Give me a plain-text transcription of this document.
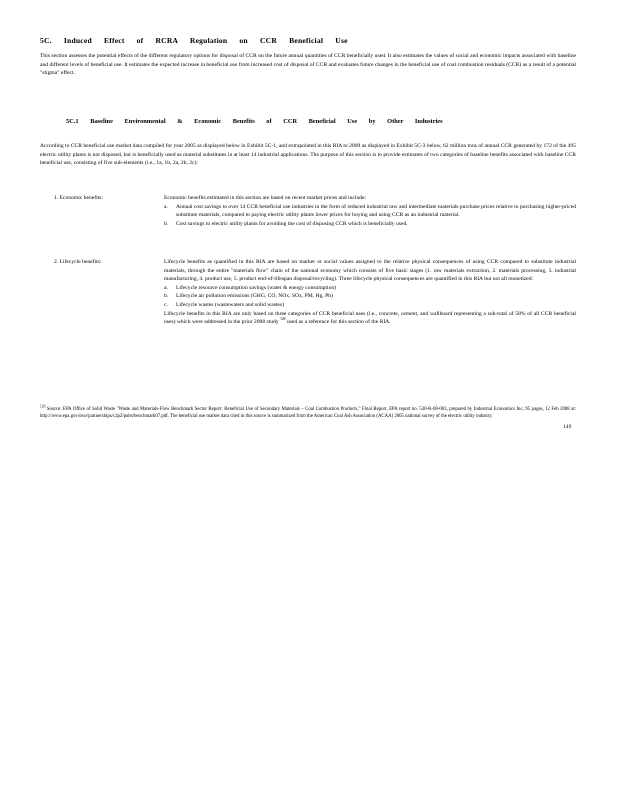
5C. Induced Effect of RCRA Regulation on CCR Beneficial Use

This section assesses the potential effects of the different regulatory options for disposal of CCR on the future annual quantities of CCR beneficially used. It also estimates the values of social and economic impacts associated with baseline and different levels of beneficial use. It estimates the expected increase in beneficial use from increased cost of disposal of CCR and evaluates future changes in the beneficial use of coal combustion residuals (CCR) as a result of a potential "stigma" effect.

5C.1 Baseline Environmental & Economic Benefits of CCR Beneficial Use by Other Industries

According to CCR beneficial use market data compiled for year 2005 as displayed below in Exhibit 5C-1, and extrapolated in this RIA to 2009 as displayed in Exhibit 5C-3 below, 62 million tons of annual CCR generated by 172 of the 495 electric utility plants is not disposed, but is beneficially used as material substitutes in at least 14 industrial applications. The purpose of this section is to provide estimates of two categories of baseline benefits associated with baseline CCR beneficial use, consisting of five sub-elements (i.e., 1a, 1b, 2a, 2b, 2c):

1. Economic benefits:	Economic benefits estimated in this section are based on recent market prices and include:

a.	Annual cost savings to over 14 CCR beneficial use industries in the form of reduced industrial raw and intermediate materials purchase prices relative to purchasing higher-priced substitute materials, compared to paying electric utility plants lower prices for buying and using CCR as an industrial material.
b.	Cost savings to electric utility plants for avoiding the cost of disposing CCR which is beneficially used.
2. Lifecycle benefits:	Lifecycle benefits as quantified in this RIA are based on market or social values assigned to the relative physical consequences of using CCR compared to substitute industrial materials, through the entire "materials flow" chain of the national economy which consists of five basic stages (1. raw materials extraction, 2. materials processing, 3. industrial manufacturing, 4. product use, 5. product end-of-lifespan disposal/recycling). Three lifecycle physical consequences are quantified in this RIA but not all monetized:

a.	Lifecycle resource consumption savings (water & energy consumption)
b.	Lifecycle air pollution emissions (GHG, CO, NOx, SOx, PM, Hg, Pb)
c.	Lifecycle wastes (wastewaters and solid wastes)

Lifecycle benefits in this RIA are only based on three categories of CCR beneficial uses (i.e., concrete, cement, and wallboard representing a sub-total of 58% of all CCR beneficial uses) which were addressed in the prior 2008 study $^{126}$ used as a reference for this section of the RIA.

$^{126}$ Source: EPA Office of Solid Waste "Waste and Materials-Flow Benchmark Sector Report: Beneficial Use of Secondary Materials – Coal Combustion Products," Final Report, EPA report no. 530-R-08-003, prepared by Industrial Economics Inc, 95 pages, 12 Feb 2008 at: http://www.epa.gov/osw/partnerships/c2p2/pubs/benchmark07.pdf. The beneficial use market data cited in this source is summarized from the American Coal Ash Association (ACAA) 2005 national survey of the electric utility industry.

149
